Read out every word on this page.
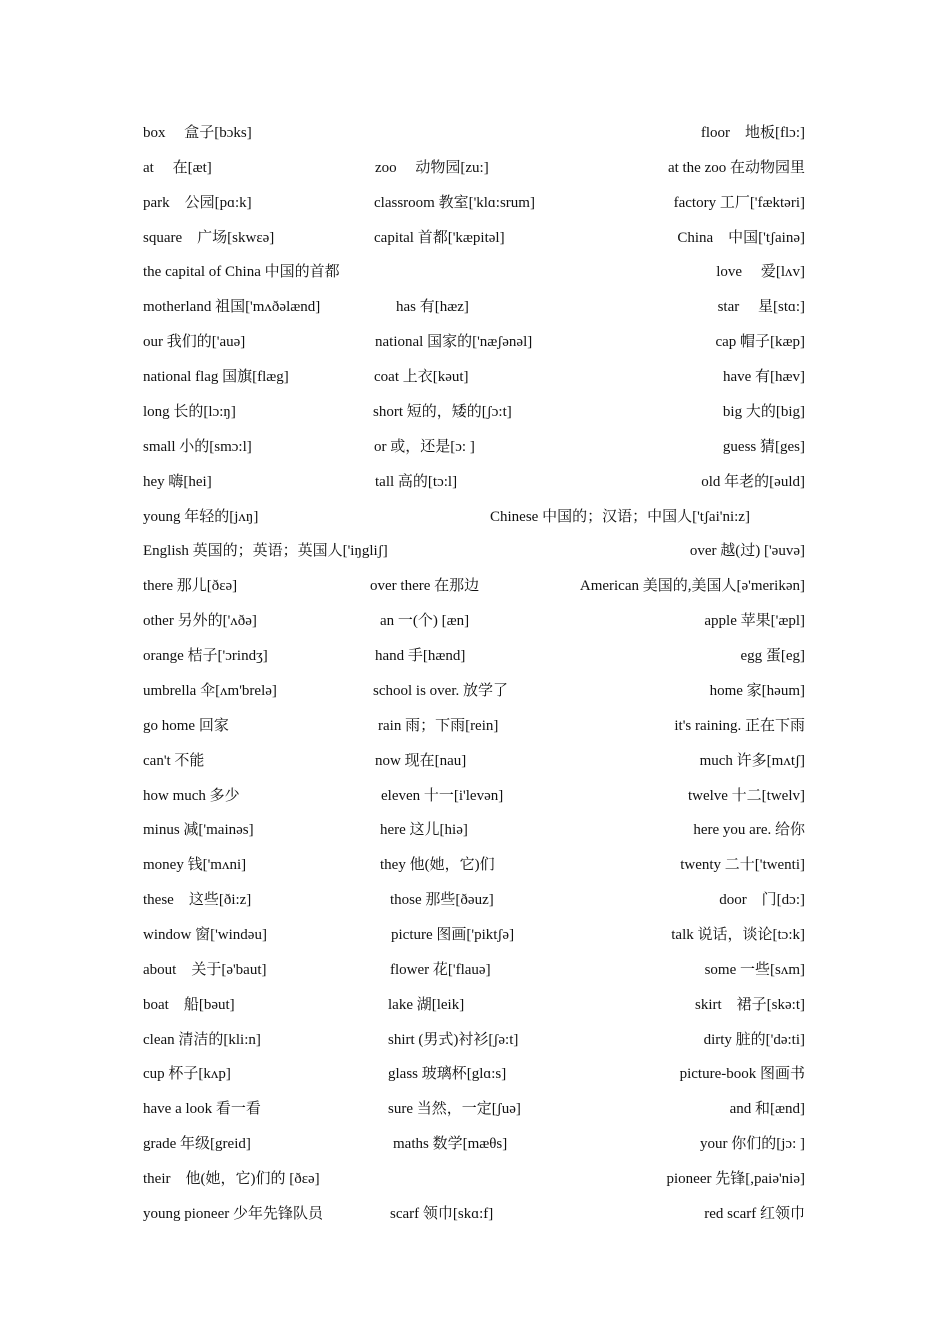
box　 盒子[bɔks]	floor　地板[flɔ:]
at　 在[æt]	zoo　 动物园[zu:]	at the zoo 在动物园里
park　公园[pɑ:k]	classroom 教室['klɑ:srum]	factory 工厂['fæktəri]
square　广场[skwɛə]	capital 首都['kæpitəl]	China　中国['tʃainə]
the capital of China 中国的首都	love　 爱[lʌv]
motherland 祖国['mʌðəlænd]	has 有[hæz]	star　 星[stɑ:]
our 我们的['auə]	national 国家的['næʃənəl]	cap 帽子[kæp]
national flag 国旗[flæg]	coat 上衣[kəut]	have 有[hæv]
long 长的[lɔ:ŋ]	short 短的，矮的[ʃɔ:t]	big 大的[big]
small 小的[smɔ:l]	or 或，还是[ɔ: ]	guess 猜[ges]
hey 嗨[hei]	tall 高的[tɔ:l]	old 年老的[əuld]
young 年轻的[jʌŋ]	Chinese 中国的；汉语；中国人['tʃai'ni:z]
English 英国的；英语；英国人['iŋgliʃ]	over 越(过) ['əuvə]
there 那儿[ðɛə]	over there 在那边	American 美国的,美国人[ə'merikən]
other 另外的['ʌðə]	an 一(个) [æn]	apple 苹果['æpl]
orange 桔子['ɔrindʒ]	hand 手[hænd]	egg 蛋[eg]
umbrella 伞[ʌm'brelə]	school is over. 放学了	home 家[həum]
go home 回家	rain 雨；下雨[rein]	it's raining. 正在下雨
can't 不能	now 现在[nau]	much 许多[mʌtʃ]
how much 多少	eleven 十一[i'levən]	twelve 十二[twelv]
minus 减['mainəs]	here 这儿[hiə]	here you are. 给你
money 钱['mʌni]	they 他(她，它)们	twenty 二十['twenti]
these　这些[ði:z]	those 那些[ðəuz]	door　门[dɔ:]
window 窗['windəu]	picture 图画['piktʃə]	talk 说话，谈论[tɔ:k]
about　关于[ə'baut]	flower 花['flauə]	some 一些[sʌm]
boat　船[bəut]	lake 湖[leik]	skirt　裙子[skə:t]
clean 清洁的[kli:n]	shirt (男式)衬衫[ʃə:t]	dirty 脏的['də:ti]
cup 杯子[kʌp]	glass 玻璃杯[glɑ:s]	picture-book 图画书
have a look 看一看	sure 当然，一定[ʃuə]	and 和[ænd]
grade 年级[greid]	maths 数学[mæθs]	your 你们的[jɔ: ]
their　他(她，它)们的 [ðɛə]	pioneer 先锋[,paiə'niə]
young pioneer 少年先锋队员	scarf 领巾[skɑ:f]	red scarf 红领巾
